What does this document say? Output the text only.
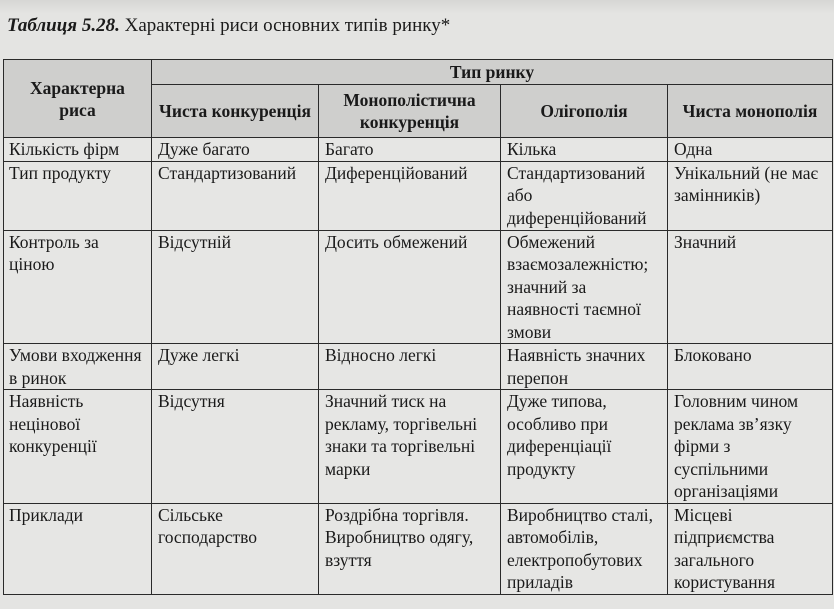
Таблиця 5.28. Характерні риси основних типів ринку*
Характерна риса	Тип ринку			
	Чиста конкуренція	Монополістична конкуренція	Олігополія	Чиста монополія
Кількість фірм	Дуже багато	Багато	Кілька	Одна
Тип продукту	Стандартизований	Диференційований	Стандартизований або диференційований	Унікальний (не має замінників)
Контроль за ціною	Відсутній	Досить обмежений	Обмежений взаємозалежністю; значний за наявності таємної змови	Значний
Умови входження в ринок	Дуже легкі	Відносно легкі	Наявність значних перепон	Блоковано
Наявність нецінової конкуренції	Відсутня	Значний тиск на рекламу, торгівельні знаки та торгівельні марки	Дуже типова, особливо при диференціації продукту	Головним чином реклама зв’язку фірми з суспільними організаціями
Приклади	Сільське господарство	Роздрібна торгівля. Виробництво одягу, взуття	Виробництво сталі, автомобілів, електропобутових приладів	Місцеві підприємства загального користування
